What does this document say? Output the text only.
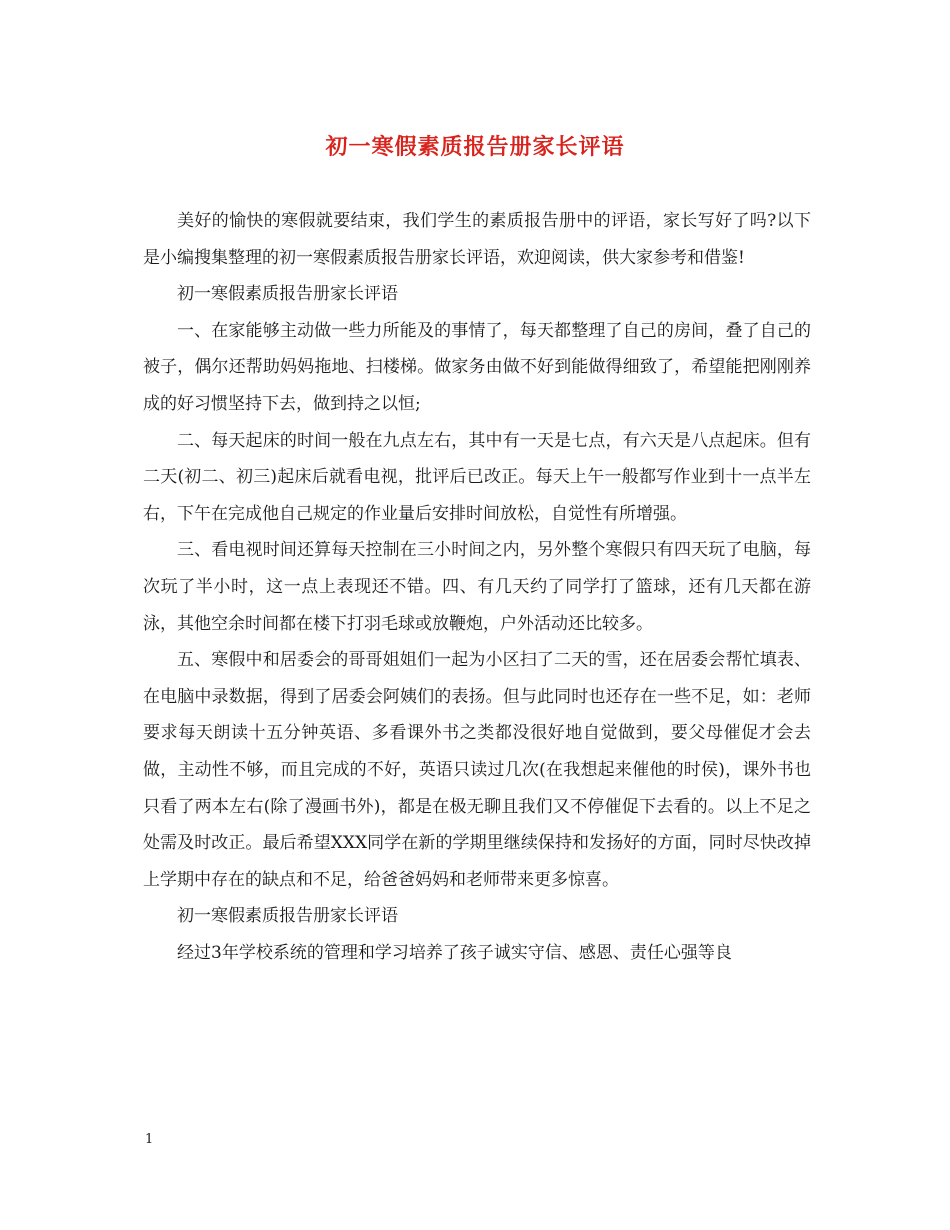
初一寒假素质报告册家长评语

美好的愉快的寒假就要结束，我们学生的素质报告册中的评语，家长写好了吗?以下是小编搜集整理的初一寒假素质报告册家长评语，欢迎阅读，供大家参考和借鉴!

初一寒假素质报告册家长评语

一、在家能够主动做一些力所能及的事情了，每天都整理了自己的房间，叠了自己的被子，偶尔还帮助妈妈拖地、扫楼梯。做家务由做不好到能做得细致了，希望能把刚刚养成的好习惯坚持下去，做到持之以恒;

二、每天起床的时间一般在九点左右，其中有一天是七点，有六天是八点起床。但有二天(初二、初三)起床后就看电视，批评后已改正。每天上午一般都写作业到十一点半左右，下午在完成他自己规定的作业量后安排时间放松，自觉性有所增强。

三、看电视时间还算每天控制在三小时间之内，另外整个寒假只有四天玩了电脑，每次玩了半小时，这一点上表现还不错。四、有几天约了同学打了篮球，还有几天都在游泳，其他空余时间都在楼下打羽毛球或放鞭炮，户外活动还比较多。

五、寒假中和居委会的哥哥姐姐们一起为小区扫了二天的雪，还在居委会帮忙填表、在电脑中录数据，得到了居委会阿姨们的表扬。但与此同时也还存在一些不足，如：老师要求每天朗读十五分钟英语、多看课外书之类都没很好地自觉做到，要父母催促才会去做，主动性不够，而且完成的不好，英语只读过几次(在我想起来催他的时侯)，课外书也只看了两本左右(除了漫画书外)，都是在极无聊且我们又不停催促下去看的。以上不足之处需及时改正。最后希望XXX同学在新的学期里继续保持和发扬好的方面，同时尽快改掉上学期中存在的缺点和不足，给爸爸妈妈和老师带来更多惊喜。

初一寒假素质报告册家长评语

经过3年学校系统的管理和学习培养了孩子诚实守信、感恩、责任心强等良

1
